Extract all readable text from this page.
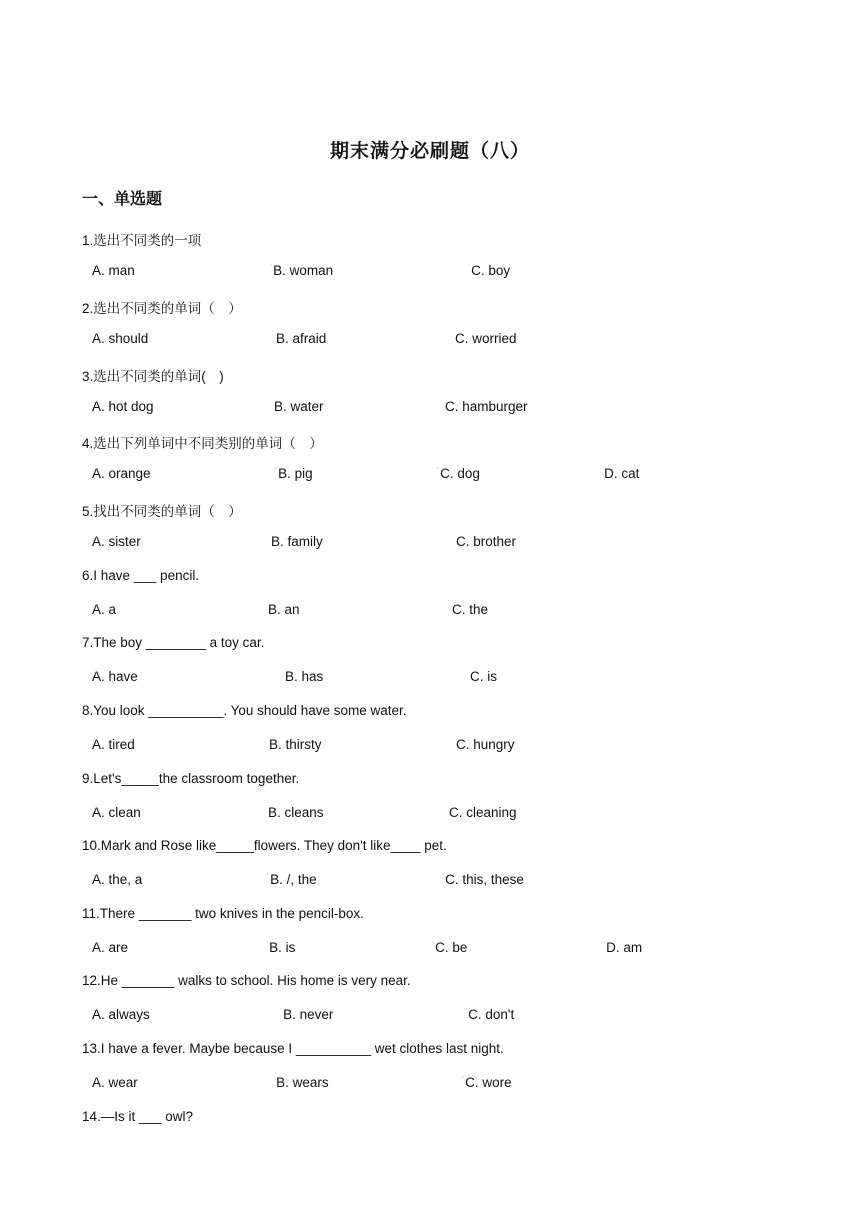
期末满分必刷题（八）
一、单选题
1.选出不同类的一项
A. man	◦B. woman	◦C. boy
2.选出不同类的单词（　）
A. should	B. afraid	C. worried
3.选出不同类的单词(　)
A. hot dog	B. water	C. hamburger
4.选出下列单词中不同类别的单词（　）
A. orange	◦B. pig	◦C. dog	◦D. cat
5.找出不同类的单词（　）
A. sister	B. family	C. brother
6.I have ___ pencil.
A. a	B. an	C. the
7.The boy ________ a toy car.
A. have	B. has	C. is
8.You look __________. You should have some water.
A. tired	B. thirsty	C. hungry
9.Let's_____the classroom together.
A. clean	B. cleans	C. cleaning
10.Mark and Rose like_____flowers. They don't like____ pet.
A. the, a	◦B. /, the	◦C. this, these
11.There _______ two knives in the pencil-box.
A. are	◦B. is	◦C. be	◦D. am
12.He _______ walks to school. His home is very near.
A. always	◦B. never	◦C. don't
13.I have a fever. Maybe because I __________ wet clothes last night.
A. wear	◦B. wears	◦C. wore
14.—Is it ___ owl?
